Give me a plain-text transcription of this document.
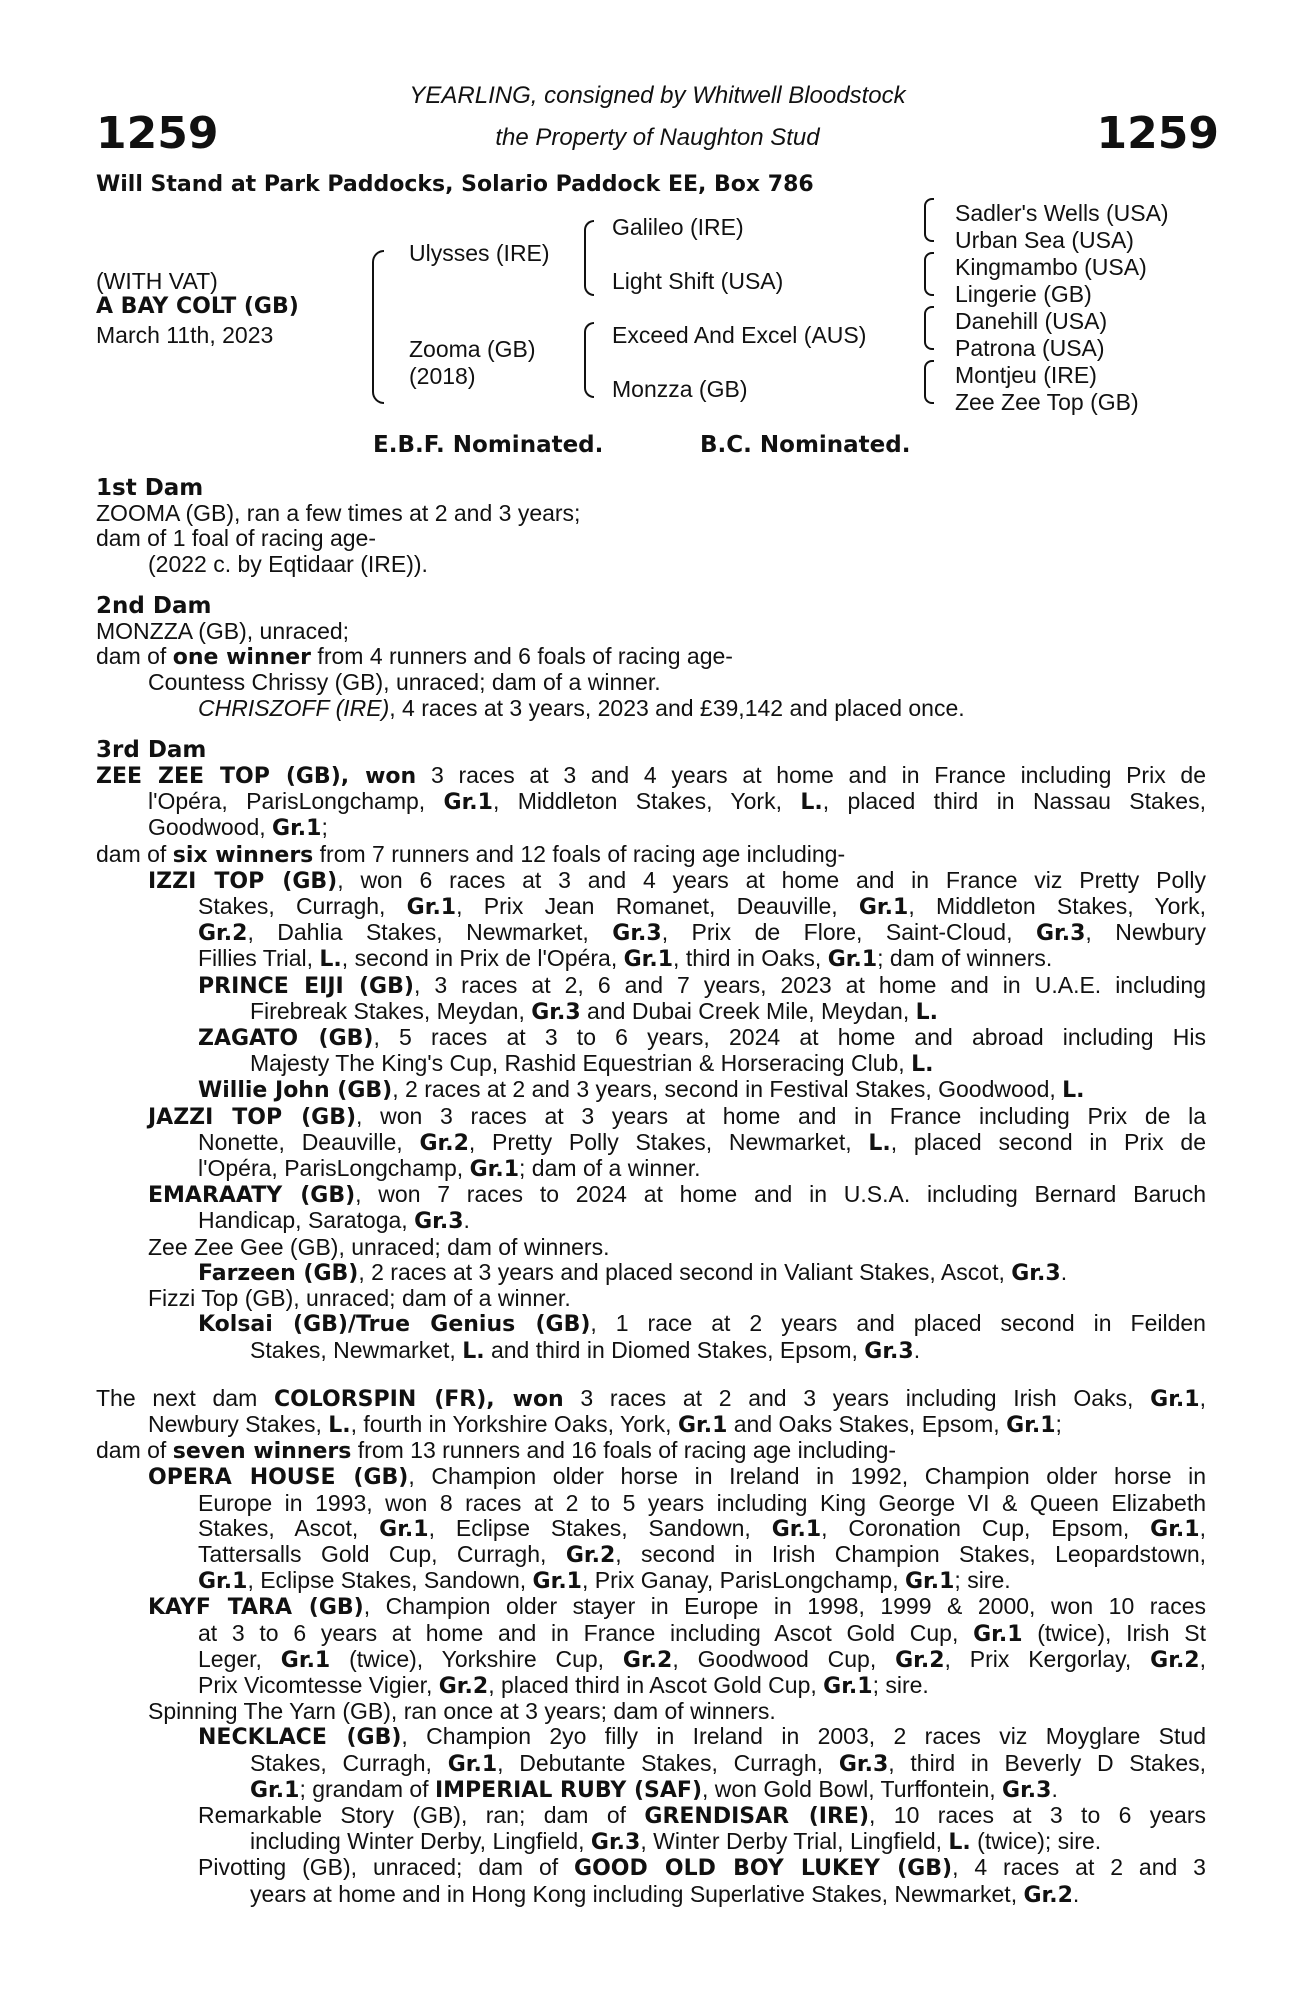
1259	1259
YEARLING, consigned by Whitwell Bloodstock
the Property of Naughton Stud
Will Stand at Park Paddocks, Solario Paddock EE, Box 786
(WITH VAT)
A BAY COLT (GB)
March 11th, 2023
Ulysses (IRE)
Zooma (GB)
(2018)
Galileo (IRE)
Light Shift (USA)
Exceed And Excel (AUS)
Monzza (GB)
Sadler's Wells (USA)
Urban Sea (USA)
Kingmambo (USA)
Lingerie (GB)
Danehill (USA)
Patrona (USA)
Montjeu (IRE)
Zee Zee Top (GB)
E.B.F. Nominated.	B.C. Nominated.
1st Dam
ZOOMA (GB), ran a few times at 2 and 3 years;
dam of 1 foal of racing age-
(2022 c. by Eqtidaar (IRE)).
2nd Dam
MONZZA (GB), unraced;
dam of one winner from 4 runners and 6 foals of racing age-
Countess Chrissy (GB), unraced; dam of a winner.
CHRISZOFF (IRE), 4 races at 3 years, 2023 and £39,142 and placed once.
3rd Dam
ZEE ZEE TOP (GB), won 3 races at 3 and 4 years at home and in France including Prix de
l'Opéra, ParisLongchamp, Gr.1, Middleton Stakes, York, L., placed third in Nassau Stakes,
Goodwood, Gr.1;
dam of six winners from 7 runners and 12 foals of racing age including-
IZZI TOP (GB), won 6 races at 3 and 4 years at home and in France viz Pretty Polly
Stakes, Curragh, Gr.1, Prix Jean Romanet, Deauville, Gr.1, Middleton Stakes, York,
Gr.2, Dahlia Stakes, Newmarket, Gr.3, Prix de Flore, Saint-Cloud, Gr.3, Newbury
Fillies Trial, L., second in Prix de l'Opéra, Gr.1, third in Oaks, Gr.1; dam of winners.
PRINCE EIJI (GB), 3 races at 2, 6 and 7 years, 2023 at home and in U.A.E. including
Firebreak Stakes, Meydan, Gr.3 and Dubai Creek Mile, Meydan, L.
ZAGATO (GB), 5 races at 3 to 6 years, 2024 at home and abroad including His
Majesty The King's Cup, Rashid Equestrian & Horseracing Club, L.
Willie John (GB), 2 races at 2 and 3 years, second in Festival Stakes, Goodwood, L.
JAZZI TOP (GB), won 3 races at 3 years at home and in France including Prix de la
Nonette, Deauville, Gr.2, Pretty Polly Stakes, Newmarket, L., placed second in Prix de
l'Opéra, ParisLongchamp, Gr.1; dam of a winner.
EMARAATY (GB), won 7 races to 2024 at home and in U.S.A. including Bernard Baruch
Handicap, Saratoga, Gr.3.
Zee Zee Gee (GB), unraced; dam of winners.
Farzeen (GB), 2 races at 3 years and placed second in Valiant Stakes, Ascot, Gr.3.
Fizzi Top (GB), unraced; dam of a winner.
Kolsai (GB)/True Genius (GB), 1 race at 2 years and placed second in Feilden
Stakes, Newmarket, L. and third in Diomed Stakes, Epsom, Gr.3.
The next dam COLORSPIN (FR), won 3 races at 2 and 3 years including Irish Oaks, Gr.1,
Newbury Stakes, L., fourth in Yorkshire Oaks, York, Gr.1 and Oaks Stakes, Epsom, Gr.1;
dam of seven winners from 13 runners and 16 foals of racing age including-
OPERA HOUSE (GB), Champion older horse in Ireland in 1992, Champion older horse in
Europe in 1993, won 8 races at 2 to 5 years including King George VI & Queen Elizabeth
Stakes, Ascot, Gr.1, Eclipse Stakes, Sandown, Gr.1, Coronation Cup, Epsom, Gr.1,
Tattersalls Gold Cup, Curragh, Gr.2, second in Irish Champion Stakes, Leopardstown,
Gr.1, Eclipse Stakes, Sandown, Gr.1, Prix Ganay, ParisLongchamp, Gr.1; sire.
KAYF TARA (GB), Champion older stayer in Europe in 1998, 1999 & 2000, won 10 races
at 3 to 6 years at home and in France including Ascot Gold Cup, Gr.1 (twice), Irish St
Leger, Gr.1 (twice), Yorkshire Cup, Gr.2, Goodwood Cup, Gr.2, Prix Kergorlay, Gr.2,
Prix Vicomtesse Vigier, Gr.2, placed third in Ascot Gold Cup, Gr.1; sire.
Spinning The Yarn (GB), ran once at 3 years; dam of winners.
NECKLACE (GB), Champion 2yo filly in Ireland in 2003, 2 races viz Moyglare Stud
Stakes, Curragh, Gr.1, Debutante Stakes, Curragh, Gr.3, third in Beverly D Stakes,
Gr.1; grandam of IMPERIAL RUBY (SAF), won Gold Bowl, Turffontein, Gr.3.
Remarkable Story (GB), ran; dam of GRENDISAR (IRE), 10 races at 3 to 6 years
including Winter Derby, Lingfield, Gr.3, Winter Derby Trial, Lingfield, L. (twice); sire.
Pivotting (GB), unraced; dam of GOOD OLD BOY LUKEY (GB), 4 races at 2 and 3
years at home and in Hong Kong including Superlative Stakes, Newmarket, Gr.2.
